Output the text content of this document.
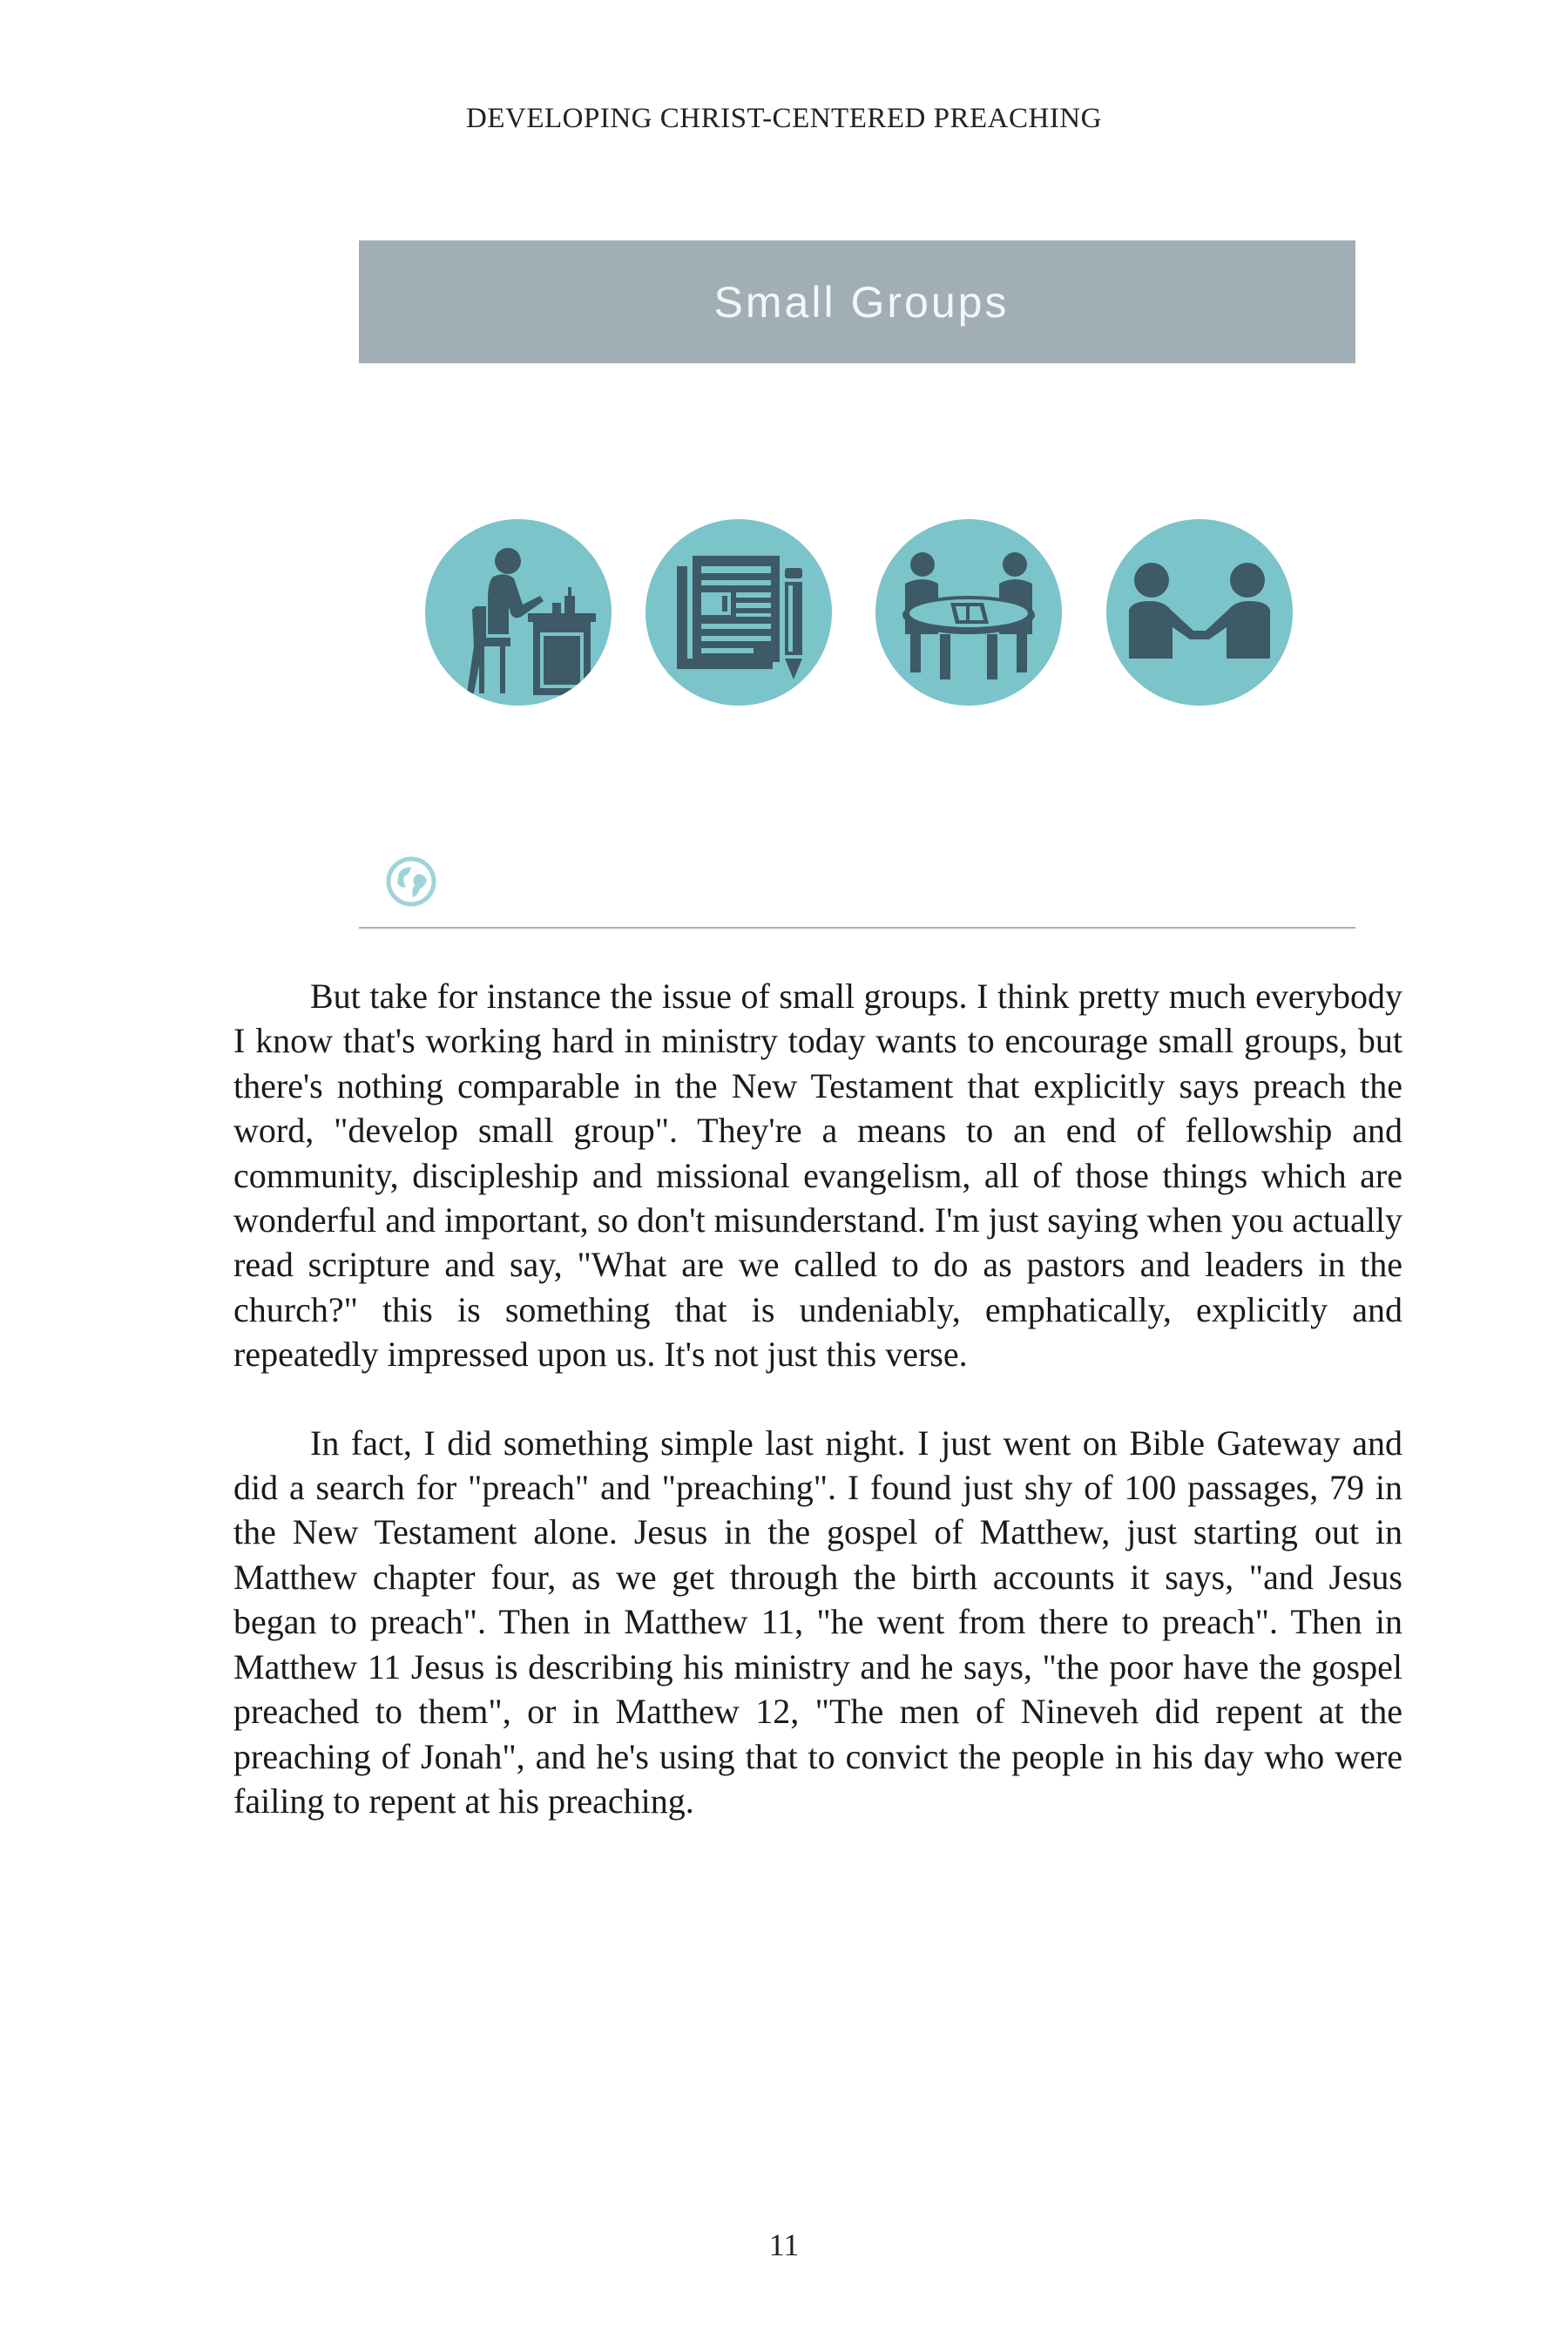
DEVELOPING CHRIST-CENTERED PREACHING
Small Groups

But take for instance the issue of small groups. I think pretty much everybody I know that's working hard in ministry today wants to encourage small groups, but there's nothing comparable in the New Testament that explicitly says preach the word, "develop small group". They're a means to an end of fellowship and community, discipleship and missional evangelism, all of those things which are wonderful and important, so don't misunderstand. I'm just saying when you actually read scripture and say, "What are we called to do as pastors and leaders in the church?" this is something that is undeniably, emphatically, explicitly and repeatedly impressed upon us. It's not just this verse.

In fact, I did something simple last night. I just went on Bible Gateway and did a search for "preach" and "preaching". I found just shy of 100 passages, 79 in the New Testament alone. Jesus in the gospel of Matthew, just starting out in Matthew chapter four, as we get through the birth accounts it says, "and Jesus began to preach". Then in Matthew 11, "he went from there to preach". Then in Matthew 11 Jesus is describing his ministry and he says, "the poor have the gospel preached to them", or in Matthew 12, "The men of Nineveh did repent at the preaching of Jonah", and he's using that to convict the people in his day who were failing to repent at his preaching.

11
